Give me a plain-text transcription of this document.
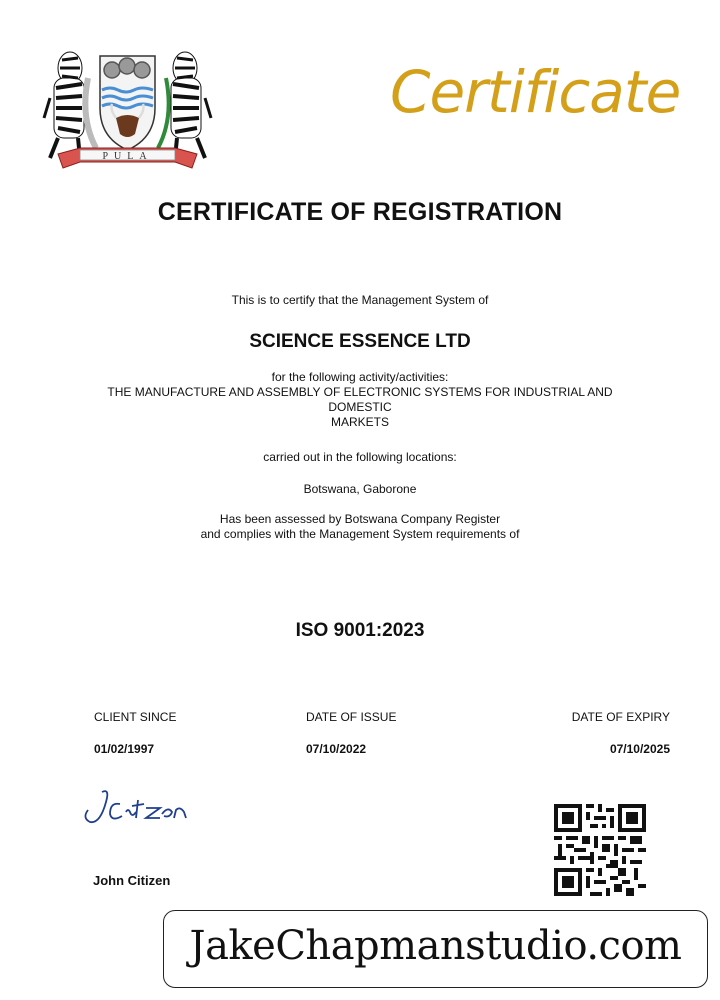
PULA
Certificate
CERTIFICATE OF REGISTRATION
This is to certify that the Management System of
SCIENCE ESSENCE LTD
for the following activity/activities:
THE MANUFACTURE AND ASSEMBLY OF ELECTRONIC SYSTEMS FOR INDUSTRIAL AND
DOMESTIC
MARKETS
carried out in the following locations:
Botswana, Gaborone
Has been assessed by Botswana Company Register
and complies with the Management System requirements of
ISO 9001:2023
CLIENT SINCE
01/02/1997
DATE OF ISSUE
07/10/2022
DATE OF EXPIRY
07/10/2025
John Citizen
JakeChapmanstudio.com
